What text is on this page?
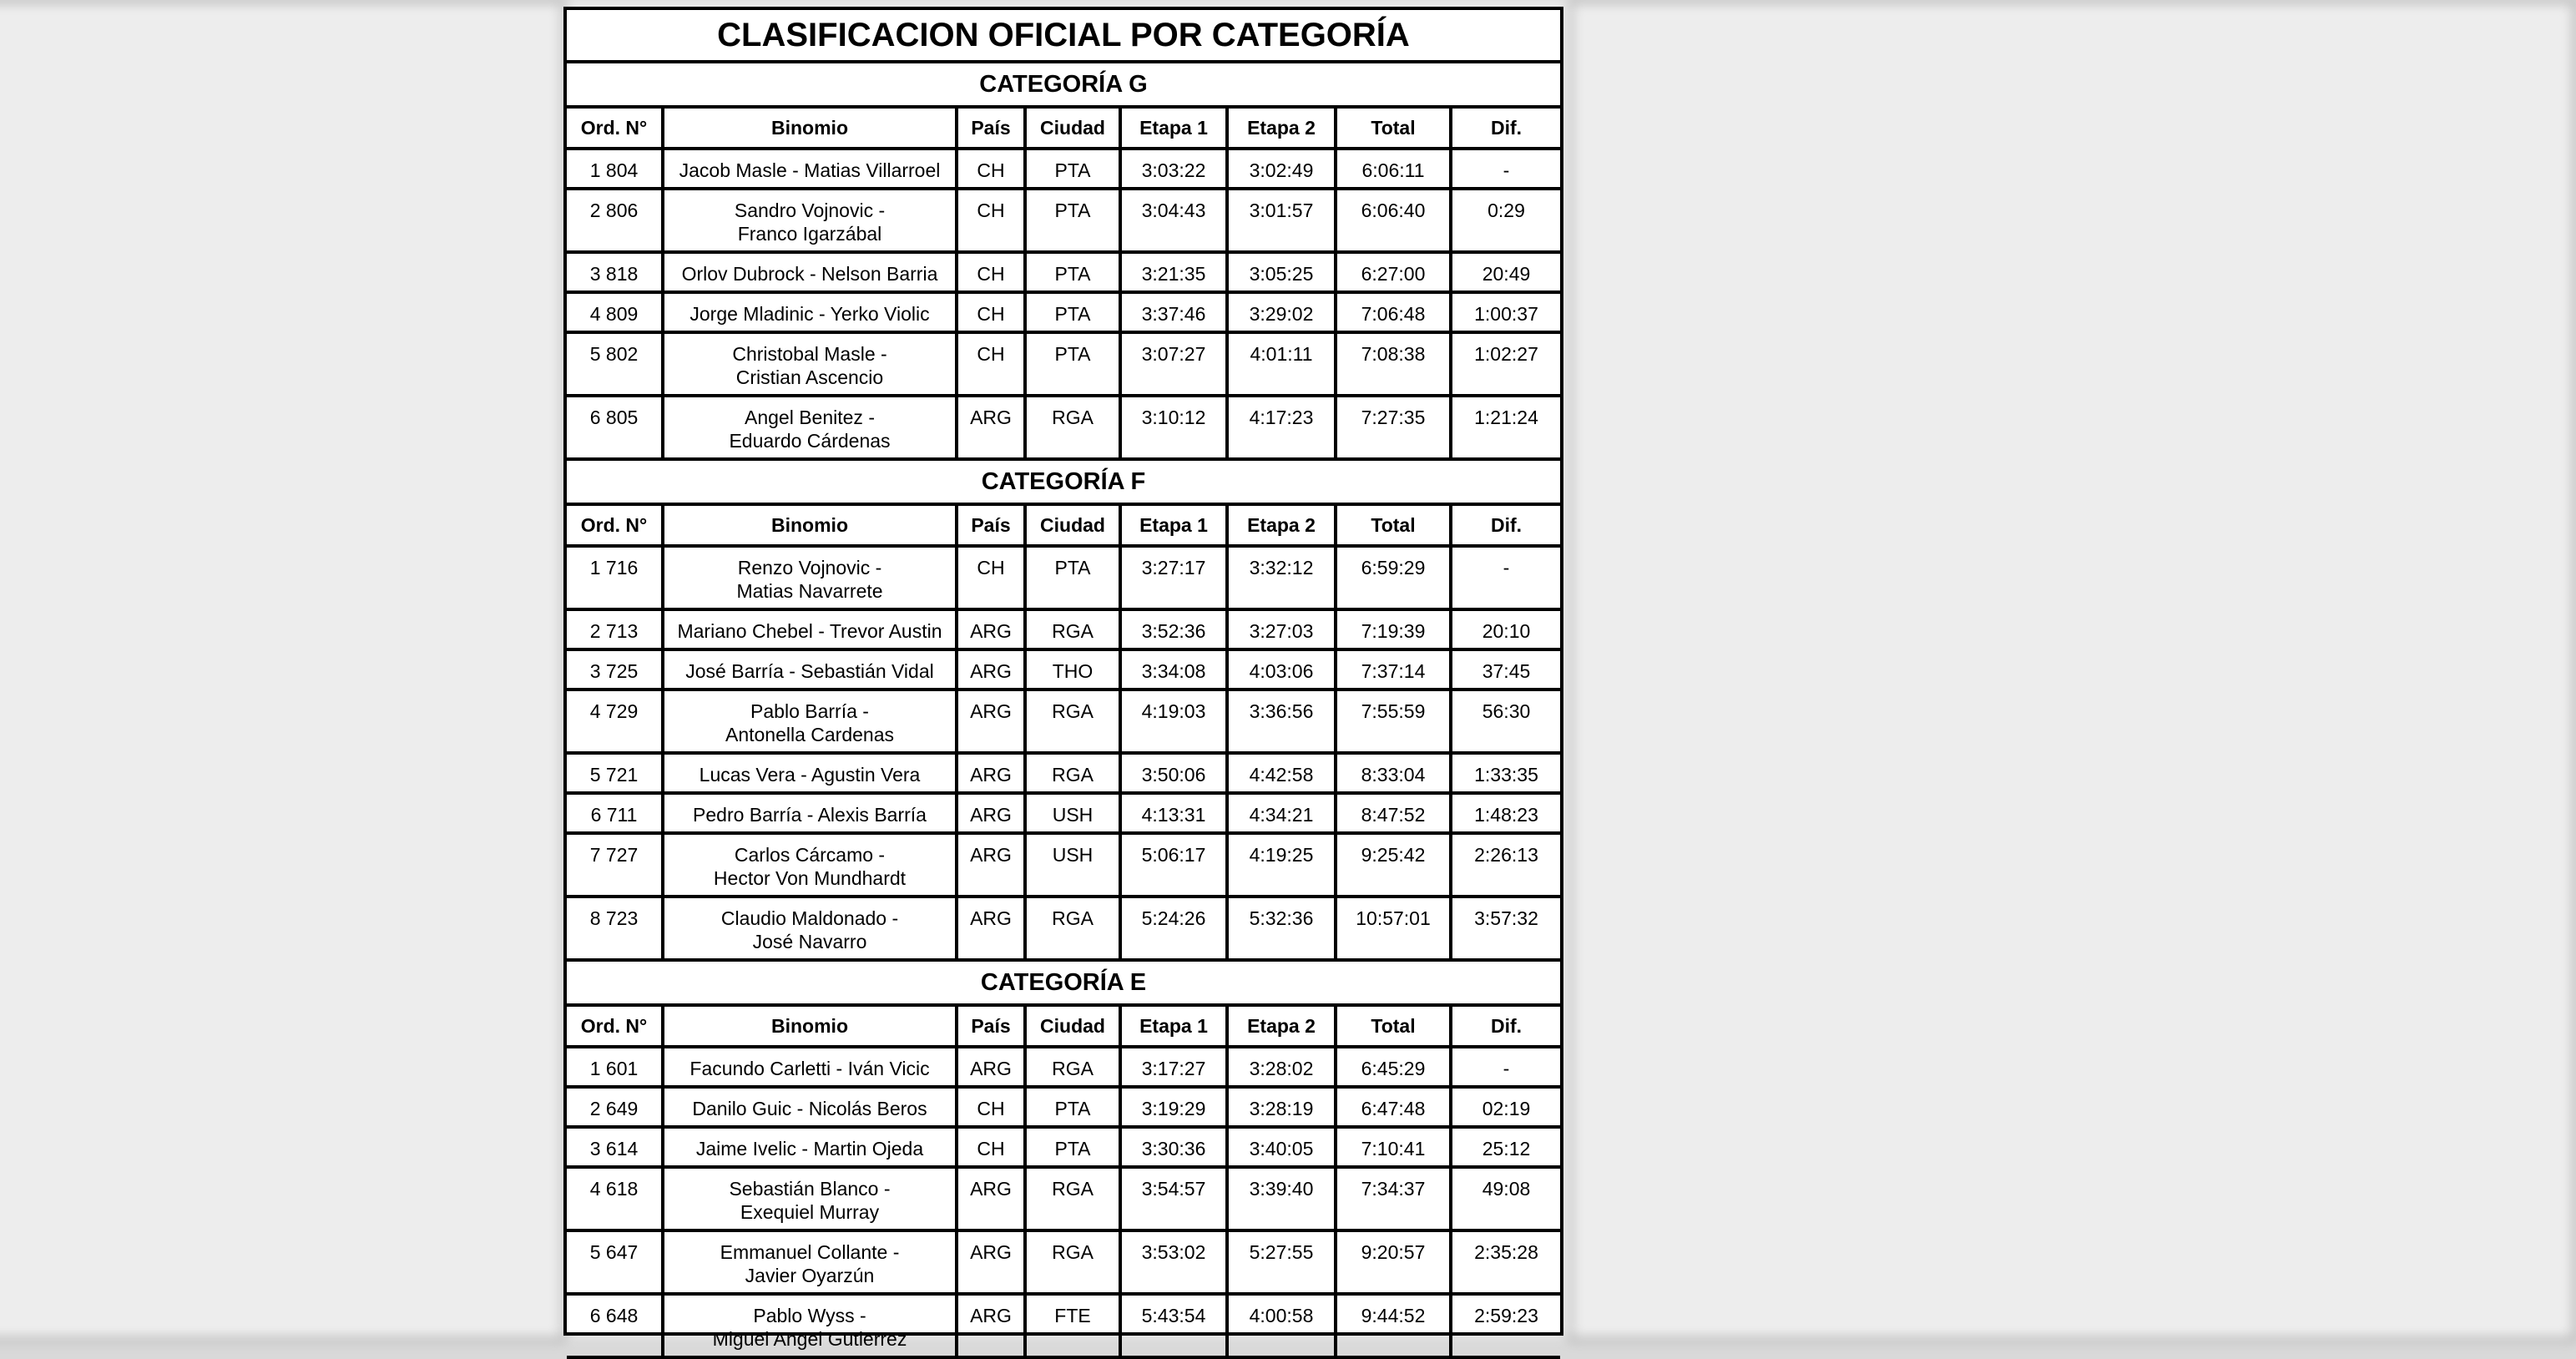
CLASIFICACION OFICIAL POR CATEGORÍA
CATEGORÍA G
Ord. N°	Binomio	País	Ciudad	Etapa 1	Etapa 2	Total	Dif.
1 804	Jacob Masle - Matias Villarroel	CH	PTA	3:03:22	3:02:49	6:06:11	-
2 806	Sandro Vojnovic -
Franco Igarzábal	CH	PTA	3:04:43	3:01:57	6:06:40	0:29
3 818	Orlov Dubrock - Nelson Barria	CH	PTA	3:21:35	3:05:25	6:27:00	20:49
4 809	Jorge Mladinic - Yerko Violic	CH	PTA	3:37:46	3:29:02	7:06:48	1:00:37
5 802	Christobal Masle -
Cristian Ascencio	CH	PTA	3:07:27	4:01:11	7:08:38	1:02:27
6 805	Angel Benitez -
Eduardo Cárdenas	ARG	RGA	3:10:12	4:17:23	7:27:35	1:21:24
CATEGORÍA F
Ord. N°	Binomio	País	Ciudad	Etapa 1	Etapa 2	Total	Dif.
1 716	Renzo Vojnovic -
Matias Navarrete	CH	PTA	3:27:17	3:32:12	6:59:29	-
2 713	Mariano Chebel - Trevor Austin	ARG	RGA	3:52:36	3:27:03	7:19:39	20:10
3 725	José Barría - Sebastián Vidal	ARG	THO	3:34:08	4:03:06	7:37:14	37:45
4 729	Pablo Barría -
Antonella Cardenas	ARG	RGA	4:19:03	3:36:56	7:55:59	56:30
5 721	Lucas Vera - Agustin Vera	ARG	RGA	3:50:06	4:42:58	8:33:04	1:33:35
6 711	Pedro Barría - Alexis Barría	ARG	USH	4:13:31	4:34:21	8:47:52	1:48:23
7 727	Carlos Cárcamo -
Hector Von Mundhardt	ARG	USH	5:06:17	4:19:25	9:25:42	2:26:13
8 723	Claudio Maldonado -
José Navarro	ARG	RGA	5:24:26	5:32:36	10:57:01	3:57:32
CATEGORÍA E
Ord. N°	Binomio	País	Ciudad	Etapa 1	Etapa 2	Total	Dif.
1 601	Facundo Carletti - Iván Vicic	ARG	RGA	3:17:27	3:28:02	6:45:29	-
2 649	Danilo Guic - Nicolás Beros	CH	PTA	3:19:29	3:28:19	6:47:48	02:19
3 614	Jaime Ivelic - Martin Ojeda	CH	PTA	3:30:36	3:40:05	7:10:41	25:12
4 618	Sebastián Blanco -
Exequiel Murray	ARG	RGA	3:54:57	3:39:40	7:34:37	49:08
5 647	Emmanuel Collante -
Javier Oyarzún	ARG	RGA	3:53:02	5:27:55	9:20:57	2:35:28
6 648	Pablo Wyss -
Miguel Angel Gutierrez	ARG	FTE	5:43:54	4:00:58	9:44:52	2:59:23
